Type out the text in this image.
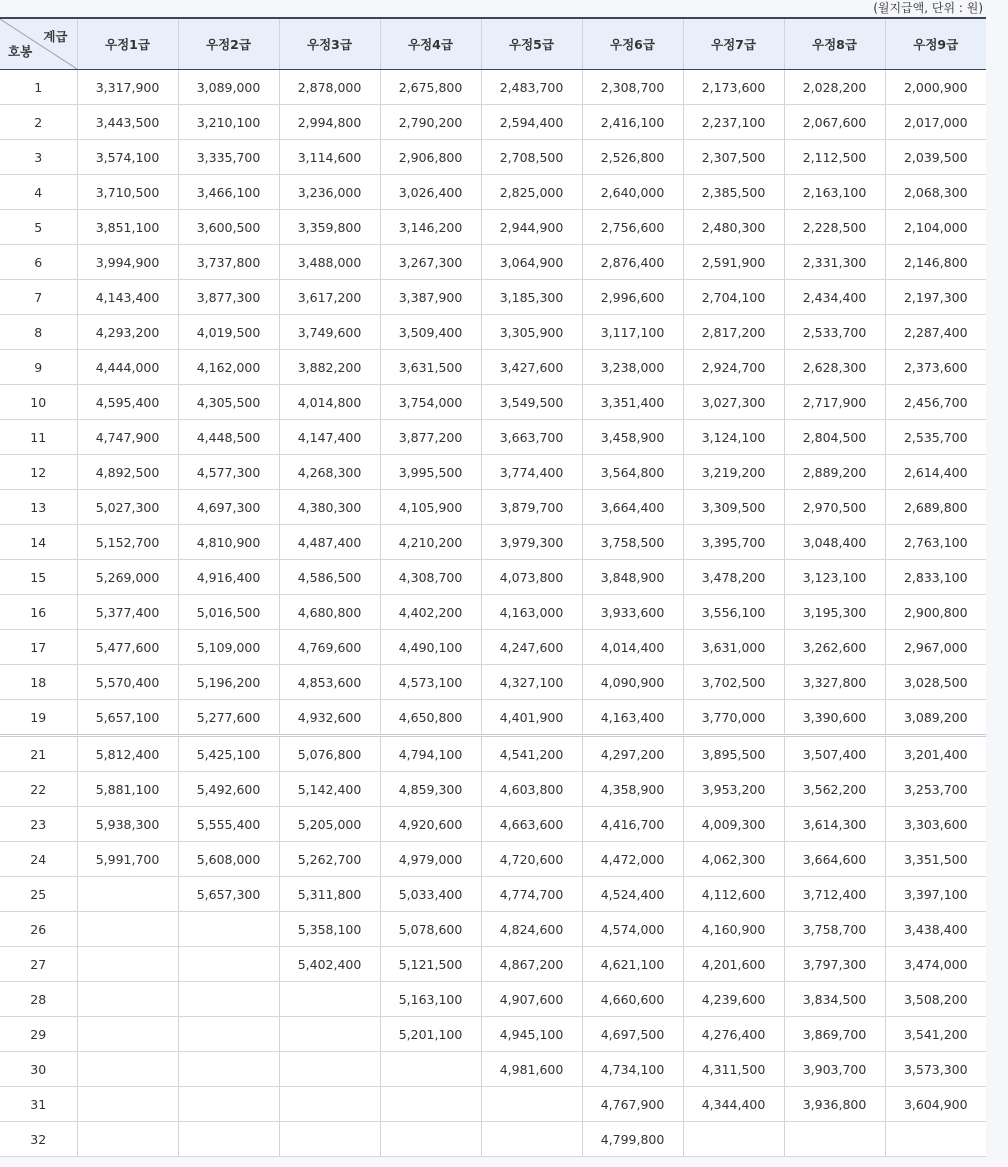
(월지급액, 단위 : 원)
계급
호봉	우정1급	우정2급	우정3급	우정4급	우정5급	우정6급	우정7급	우정8급	우정9급
1	3,317,900	3,089,000	2,878,000	2,675,800	2,483,700	2,308,700	2,173,600	2,028,200	2,000,900
2	3,443,500	3,210,100	2,994,800	2,790,200	2,594,400	2,416,100	2,237,100	2,067,600	2,017,000
3	3,574,100	3,335,700	3,114,600	2,906,800	2,708,500	2,526,800	2,307,500	2,112,500	2,039,500
4	3,710,500	3,466,100	3,236,000	3,026,400	2,825,000	2,640,000	2,385,500	2,163,100	2,068,300
5	3,851,100	3,600,500	3,359,800	3,146,200	2,944,900	2,756,600	2,480,300	2,228,500	2,104,000
6	3,994,900	3,737,800	3,488,000	3,267,300	3,064,900	2,876,400	2,591,900	2,331,300	2,146,800
7	4,143,400	3,877,300	3,617,200	3,387,900	3,185,300	2,996,600	2,704,100	2,434,400	2,197,300
8	4,293,200	4,019,500	3,749,600	3,509,400	3,305,900	3,117,100	2,817,200	2,533,700	2,287,400
9	4,444,000	4,162,000	3,882,200	3,631,500	3,427,600	3,238,000	2,924,700	2,628,300	2,373,600
10	4,595,400	4,305,500	4,014,800	3,754,000	3,549,500	3,351,400	3,027,300	2,717,900	2,456,700
11	4,747,900	4,448,500	4,147,400	3,877,200	3,663,700	3,458,900	3,124,100	2,804,500	2,535,700
12	4,892,500	4,577,300	4,268,300	3,995,500	3,774,400	3,564,800	3,219,200	2,889,200	2,614,400
13	5,027,300	4,697,300	4,380,300	4,105,900	3,879,700	3,664,400	3,309,500	2,970,500	2,689,800
14	5,152,700	4,810,900	4,487,400	4,210,200	3,979,300	3,758,500	3,395,700	3,048,400	2,763,100
15	5,269,000	4,916,400	4,586,500	4,308,700	4,073,800	3,848,900	3,478,200	3,123,100	2,833,100
16	5,377,400	5,016,500	4,680,800	4,402,200	4,163,000	3,933,600	3,556,100	3,195,300	2,900,800
17	5,477,600	5,109,000	4,769,600	4,490,100	4,247,600	4,014,400	3,631,000	3,262,600	2,967,000
18	5,570,400	5,196,200	4,853,600	4,573,100	4,327,100	4,090,900	3,702,500	3,327,800	3,028,500
19	5,657,100	5,277,600	4,932,600	4,650,800	4,401,900	4,163,400	3,770,000	3,390,600	3,089,200
21	5,812,400	5,425,100	5,076,800	4,794,100	4,541,200	4,297,200	3,895,500	3,507,400	3,201,400
22	5,881,100	5,492,600	5,142,400	4,859,300	4,603,800	4,358,900	3,953,200	3,562,200	3,253,700
23	5,938,300	5,555,400	5,205,000	4,920,600	4,663,600	4,416,700	4,009,300	3,614,300	3,303,600
24	5,991,700	5,608,000	5,262,700	4,979,000	4,720,600	4,472,000	4,062,300	3,664,600	3,351,500
25		5,657,300	5,311,800	5,033,400	4,774,700	4,524,400	4,112,600	3,712,400	3,397,100
26			5,358,100	5,078,600	4,824,600	4,574,000	4,160,900	3,758,700	3,438,400
27			5,402,400	5,121,500	4,867,200	4,621,100	4,201,600	3,797,300	3,474,000
28				5,163,100	4,907,600	4,660,600	4,239,600	3,834,500	3,508,200
29				5,201,100	4,945,100	4,697,500	4,276,400	3,869,700	3,541,200
30					4,981,600	4,734,100	4,311,500	3,903,700	3,573,300
31						4,767,900	4,344,400	3,936,800	3,604,900
32						4,799,800			
